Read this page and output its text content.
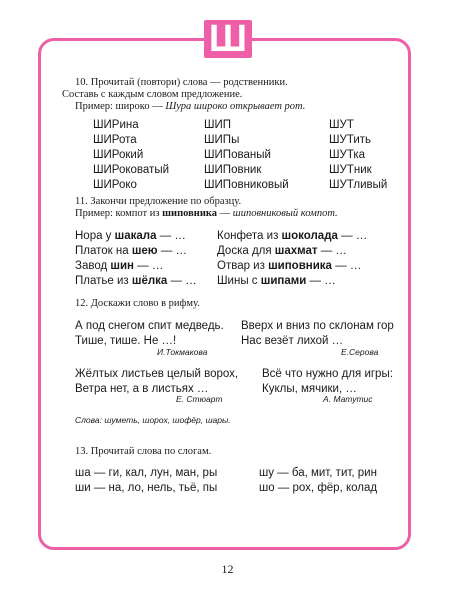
Ш
10. Прочитай (повтори) слова — родственники.
Составь с каждым словом предложение.
Пример: широко — Шура широко открывает рот.
ШИРина
ШИРота
ШИРокий
ШИРоковатый
ШИРоко
ШИП
ШИПы
ШИПованый
ШИПовник
ШИПовниковый
ШУТ
ШУТить
ШУТка
ШУТник
ШУТливый
11. Закончи предложение по образцу.
Пример: компот из шиповника — шиповниковый компот.
Нора у шакала — …
Платок на шею — …
Завод шин — …
Платье из шёлка — …
Конфета из шоколада — …
Доска для шахмат — …
Отвар из шиповника — …
Шины с шипами — …
12. Доскажи слово в рифму.
А под снегом спит медведь.
Тише, тише. Не …!
И.Токмакова
Вверх и вниз по склонам гор
Нас везёт лихой …
Е.Серова
Жёлтых листьев целый ворох,
Ветра нет, а в листьях …
Е. Стюарт
Всё что нужно для игры:
Куклы, мячики, …
А. Матутис
Слова: шуметь, шорох, шофёр, шары.
13. Прочитай слова по слогам.
ша — ги, кал, лун, ман, ры
ши — на, ло, нель, тьё, пы
шу — ба, мит, тит, рин
шо — рох, фёр, колад
12
